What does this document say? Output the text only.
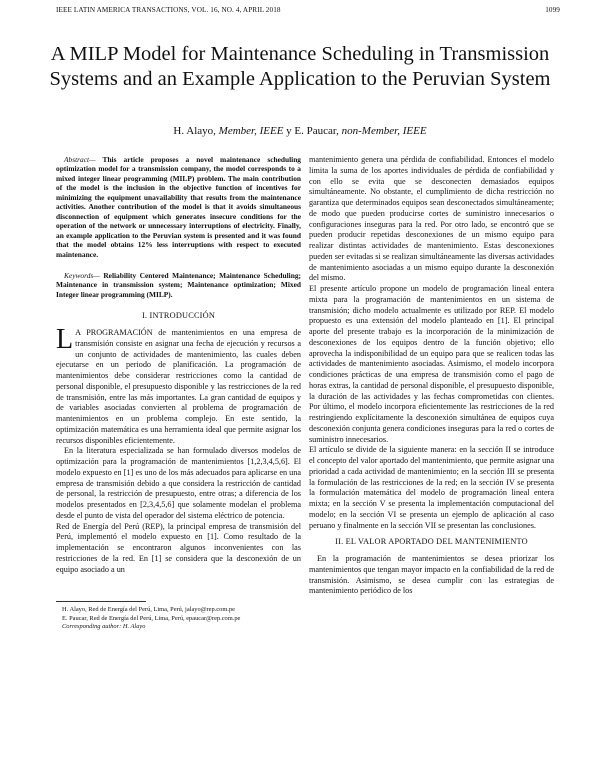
IEEE LATIN AMERICA TRANSACTIONS, VOL. 16, NO. 4, APRIL 2018	1099
A MILP Model for Maintenance Scheduling in Transmission Systems and an Example Application to the Peruvian System
H. Alayo, Member, IEEE y E. Paucar, non-Member, IEEE

Abstract— This article proposes a novel maintenance scheduling optimization model for a transmission company, the model corresponds to a mixed integer linear programming (MILP) problem. The main contribution of the model is the inclusion in the objective function of incentives for minimizing the equipment unavailability that results from the maintenance activities. Another contribution of the model is that it avoids simultaneous disconnection of equipment which generates insecure conditions for the operation of the network or unnecessary interruptions of electricity. Finally, an example application to the Peruvian system is presented and it was found that the model obtains 12% less interruptions with respect to executed maintenance.

Keywords— Reliability Centered Maintenance; Maintenance Scheduling; Maintenance in transmission system; Maintenance optimization; Mixed Integer linear programming (MILP).

I. INTRODUCCIÓN

L A PROGRAMACIÓN de mantenimientos en una empresa de transmisión consiste en asignar una fecha de ejecución y recursos a un conjunto de actividades de mantenimiento, las cuales deben ejecutarse en un periodo de planificación. La programación de mantenimientos debe considerar restricciones como la cantidad de personal disponible, el presupuesto disponible y las restricciones de la red de transmisión, entre las más importantes. La gran cantidad de equipos y de variables asociadas convierten al problema de programación de mantenimientos en un problema complejo. En este sentido, la optimización matemática es una herramienta ideal que permite asignar los recursos disponibles eficientemente.

En la literatura especializada se han formulado diversos modelos de optimización para la programación de mantenimientos [1,2,3,4,5,6]. El modelo expuesto en [1] es uno de los más adecuados para aplicarse en una empresa de transmisión debido a que considera la restricción de cantidad de personal, la restricción de presupuesto, entre otras; a diferencia de los modelos presentados en [2,3,4,5,6] que solamente modelan el problema desde el punto de vista del operador del sistema eléctrico de potencia.

Red de Energía del Perú (REP), la principal empresa de transmisión del Perú, implementó el modelo expuesto en [1]. Como resultado de la implementación se encontraron algunos inconvenientes con las restricciones de la red. En [1] se considera que la desconexión de un equipo asociado a un

H. Alayo, Red de Energía del Perú, Lima, Perú, jalayo@rep.com.pe
E. Paucar, Red de Energía del Perú, Lima, Perú, epaucar@rep.com.pe
Corresponding author: H. Alayo

mantenimiento genera una pérdida de confiabilidad. Entonces el modelo limita la suma de los aportes individuales de pérdida de confiabilidad y con ello se evita que se desconecten demasiados equipos simultáneamente. No obstante, el cumplimiento de dicha restricción no garantiza que determinados equipos sean desconectados simultáneamente; de modo que pueden producirse cortes de suministro innecesarios o configuraciones inseguras para la red. Por otro lado, se encontró que se pueden producir repetidas desconexiones de un mismo equipo para realizar distintas actividades de mantenimiento. Estas desconexiones pueden ser evitadas si se realizan simultáneamente las diversas actividades de mantenimiento asociadas a un mismo equipo durante la desconexión del mismo.

El presente artículo propone un modelo de programación lineal entera mixta para la programación de mantenimientos en un sistema de transmisión; dicho modelo actualmente es utilizado por REP. El modelo propuesto es una extensión del modelo planteado en [1]. El principal aporte del presente trabajo es la incorporación de la minimización de desconexiones de los equipos dentro de la función objetivo; ello aprovecha la indisponibilidad de un equipo para que se realicen todas las actividades de mantenimiento asociadas. Asimismo, el modelo incorpora condiciones prácticas de una empresa de transmisión como el pago de horas extras, la cantidad de personal disponible, el presupuesto disponible, la duración de las actividades y las fechas comprometidas con clientes. Por último, el modelo incorpora eficientemente las restricciones de la red restringiendo explícitamente la desconexión simultánea de equipos cuya desconexión conjunta genera condiciones inseguras para la red o cortes de suministro innecesarios.

El artículo se divide de la siguiente manera: en la sección II se introduce el concepto del valor aportado del mantenimiento, que permite asignar una prioridad a cada actividad de mantenimiento; en la sección III se presenta la formulación de las restricciones de la red; en la sección IV se presenta la formulación matemática del modelo de programación lineal entera mixta; en la sección V se presenta la implementación computacional del modelo; en la sección VI se presenta un ejemplo de aplicación al caso peruano y finalmente en la sección VII se presentan las conclusiones.

II. EL VALOR APORTADO DEL MANTENIMIENTO

En la programación de mantenimientos se desea priorizar los mantenimientos que tengan mayor impacto en la confiabilidad de la red de transmisión. Asimismo, se desea cumplir con las estrategias de mantenimiento periódico de los
